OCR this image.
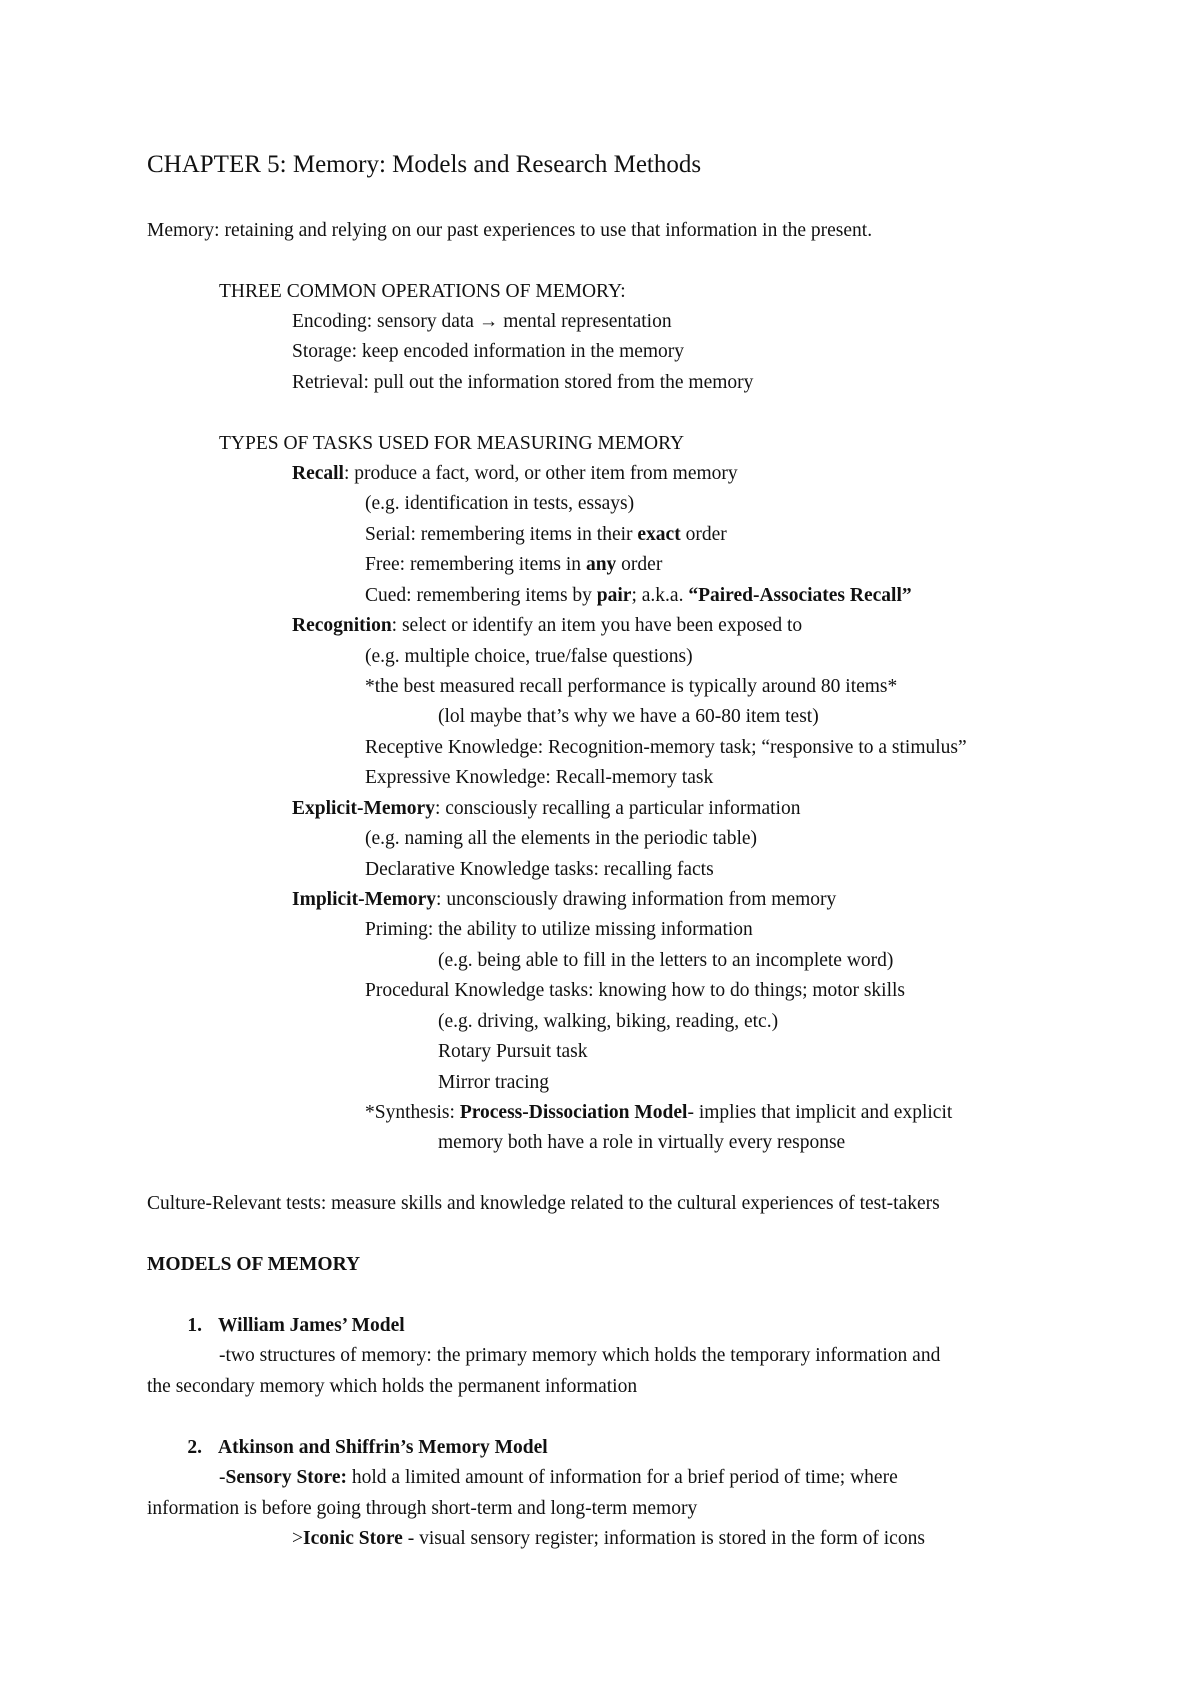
CHAPTER 5: Memory: Models and Research Methods
Memory: retaining and relying on our past experiences to use that information in the present.
THREE COMMON OPERATIONS OF MEMORY:
Encoding: sensory data → mental representation
Storage: keep encoded information in the memory
Retrieval: pull out the information stored from the memory
TYPES OF TASKS USED FOR MEASURING MEMORY
Recall: produce a fact, word, or other item from memory
(e.g. identification in tests, essays)
Serial: remembering items in their exact order
Free: remembering items in any order
Cued: remembering items by pair; a.k.a. “Paired-Associates Recall”
Recognition: select or identify an item you have been exposed to
(e.g. multiple choice, true/false questions)
*the best measured recall performance is typically around 80 items*
(lol maybe that’s why we have a 60-80 item test)
Receptive Knowledge: Recognition-memory task; “responsive to a stimulus”
Expressive Knowledge: Recall-memory task
Explicit-Memory: consciously recalling a particular information
(e.g. naming all the elements in the periodic table)
Declarative Knowledge tasks: recalling facts
Implicit-Memory: unconsciously drawing information from memory
Priming: the ability to utilize missing information
(e.g. being able to fill in the letters to an incomplete word)
Procedural Knowledge tasks: knowing how to do things; motor skills
(e.g. driving, walking, biking, reading, etc.)
Rotary Pursuit task
Mirror tracing
*Synthesis: Process-Dissociation Model- implies that implicit and explicit
memory both have a role in virtually every response
Culture-Relevant tests: measure skills and knowledge related to the cultural experiences of test-takers
MODELS OF MEMORY
1. William James’ Model
-two structures of memory: the primary memory which holds the temporary information and
the secondary memory which holds the permanent information
2. Atkinson and Shiffrin’s Memory Model
-Sensory Store: hold a limited amount of information for a brief period of time; where
information is before going through short-term and long-term memory
>Iconic Store - visual sensory register; information is stored in the form of icons
